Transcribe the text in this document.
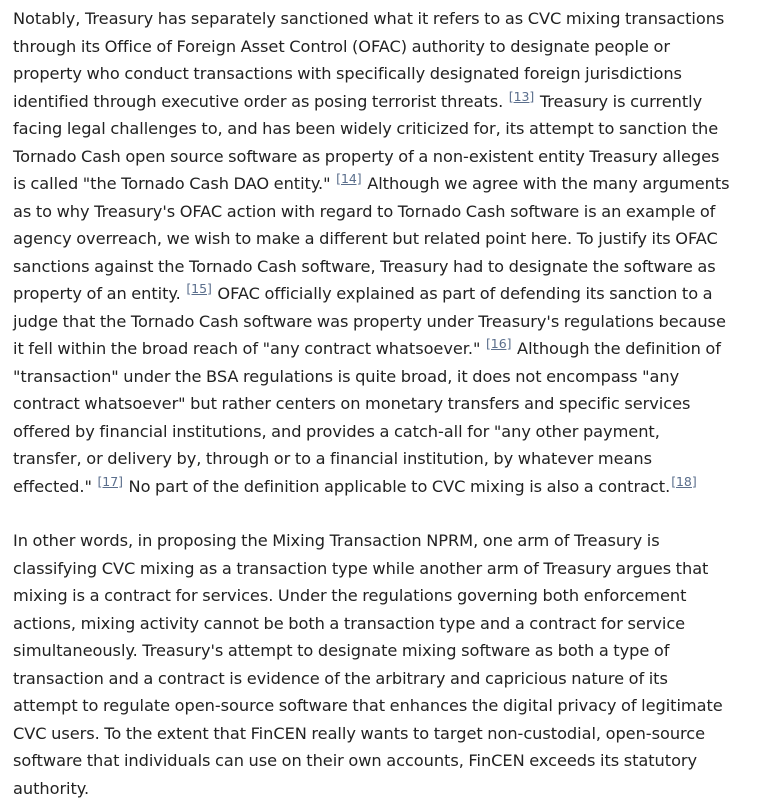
Notably, Treasury has separately sanctioned what it refers to as CVC mixing transactions through its Office of Foreign Asset Control (OFAC) authority to designate people or property who conduct transactions with specifically designated foreign jurisdictions identified through executive order as posing terrorist threats. [13] Treasury is currently facing legal challenges to, and has been widely criticized for, its attempt to sanction the Tornado Cash open source software as property of a non-existent entity Treasury alleges is called "the Tornado Cash DAO entity." [14] Although we agree with the many arguments as to why Treasury's OFAC action with regard to Tornado Cash software is an example of agency overreach, we wish to make a different but related point here. To justify its OFAC sanctions against the Tornado Cash software, Treasury had to designate the software as property of an entity. [15] OFAC officially explained as part of defending its sanction to a judge that the Tornado Cash software was property under Treasury's regulations because it fell within the broad reach of "any contract whatsoever." [16] Although the definition of "transaction" under the BSA regulations is quite broad, it does not encompass "any contract whatsoever" but rather centers on monetary transfers and specific services offered by financial institutions, and provides a catch-all for "any other payment, transfer, or delivery by, through or to a financial institution, by whatever means effected." [17] No part of the definition applicable to CVC mixing is also a contract.[18]

In other words, in proposing the Mixing Transaction NPRM, one arm of Treasury is classifying CVC mixing as a transaction type while another arm of Treasury argues that mixing is a contract for services. Under the regulations governing both enforcement actions, mixing activity cannot be both a transaction type and a contract for service simultaneously. Treasury's attempt to designate mixing software as both a type of transaction and a contract is evidence of the arbitrary and capricious nature of its attempt to regulate open-source software that enhances the digital privacy of legitimate CVC users. To the extent that FinCEN really wants to target non-custodial, open-source software that individuals can use on their own accounts, FinCEN exceeds its statutory authority.
